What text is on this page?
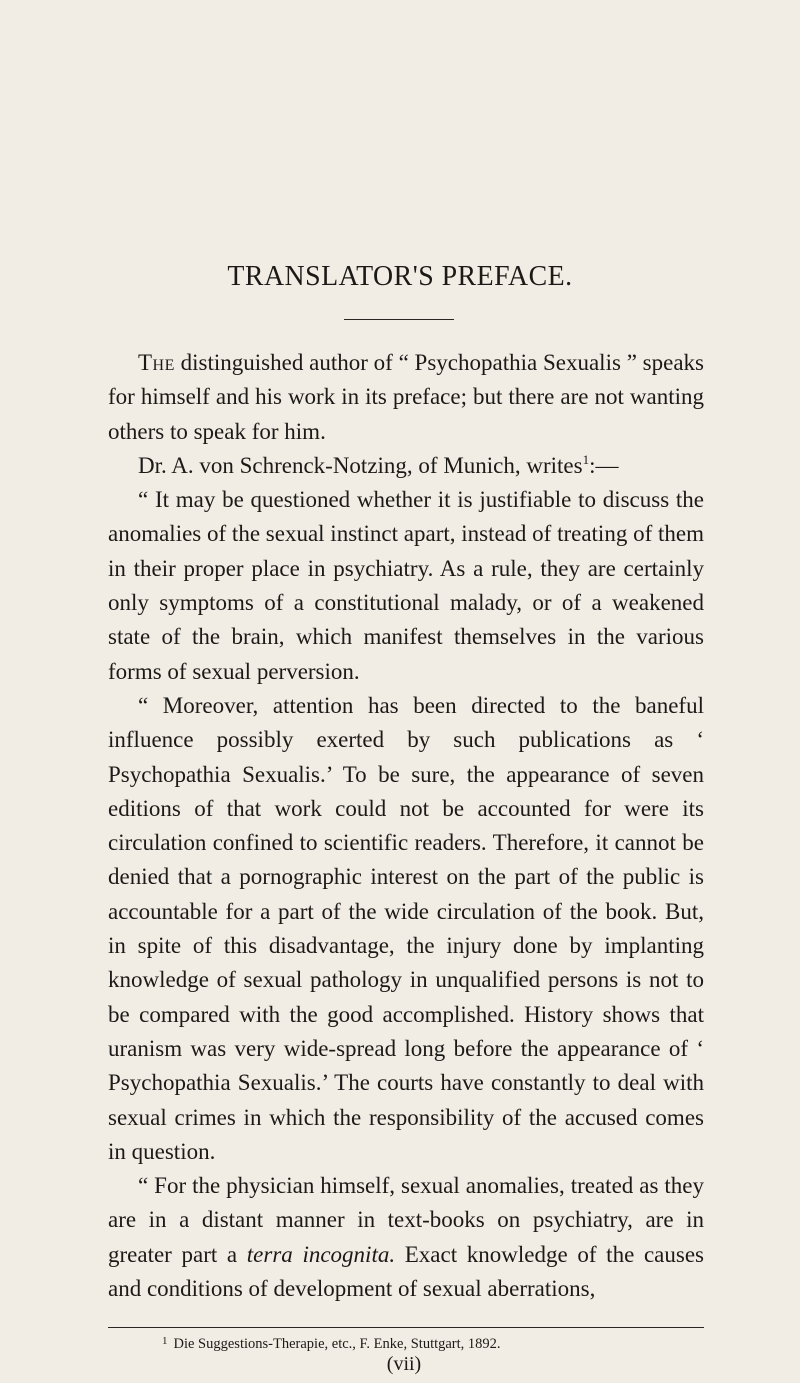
TRANSLATOR'S PREFACE.

The distinguished author of “ Psychopathia Sexualis ” speaks for himself and his work in its preface; but there are not wanting others to speak for him.

Dr. A. von Schrenck-Notzing, of Munich, writes$^1$:—

“ It may be questioned whether it is justifiable to discuss the anomalies of the sexual instinct apart, instead of treating of them in their proper place in psychiatry. As a rule, they are certainly only symptoms of a constitutional malady, or of a weakened state of the brain, which manifest themselves in the various forms of sexual perversion.

“ Moreover, attention has been directed to the baneful influence possibly exerted by such publications as ‘ Psychopathia Sexualis.’ To be sure, the appearance of seven editions of that work could not be accounted for were its circulation confined to scientific readers. Therefore, it cannot be denied that a pornographic interest on the part of the public is accountable for a part of the wide circulation of the book. But, in spite of this disadvantage, the injury done by implanting knowledge of sexual pathology in unqualified persons is not to be compared with the good accomplished. History shows that uranism was very wide-spread long before the appearance of ‘ Psychopathia Sexualis.’ The courts have constantly to deal with sexual crimes in which the responsibility of the accused comes in question.

“ For the physician himself, sexual anomalies, treated as they are in a distant manner in text-books on psychiatry, are in greater part a terra incognita. Exact knowledge of the causes and conditions of development of sexual aberrations,

$^1$ Die Suggestions-Therapie, etc., F. Enke, Stuttgart, 1892.
(vii)
